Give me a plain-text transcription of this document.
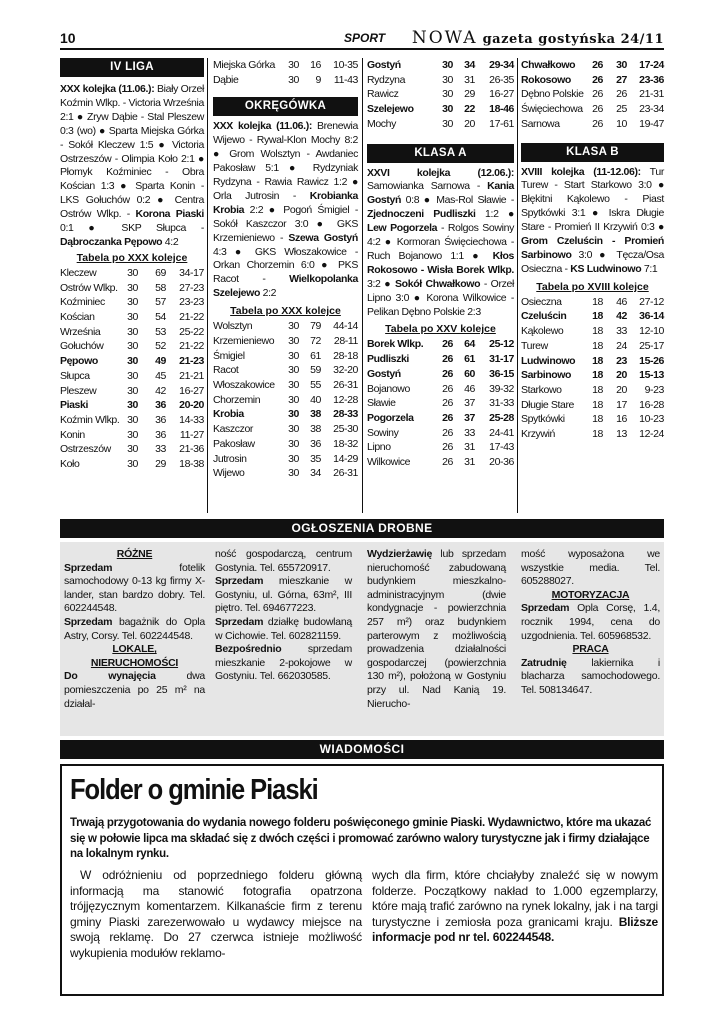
10	SPORT NOWA gazeta gostyńska 24/11
IV LIGA
XXX kolejka (11.06.): Biały Orzeł Koźmin Wlkp. - Victoria Września 2:1 ● Zryw Dąbie - Stal Pleszew 0:3 (wo) ● Sparta Miejska Górka - Sokół Kleczew 1:5 ● Victoria Ostrzeszów - Olimpia Koło 2:1 ● Płomyk Koźminiec - Obra Kościan 1:3 ● Sparta Konin - LKS Gołuchów 0:2 ● Centra Ostrów Wlkp. - Korona Piaski 0:1 ● SKP Słupca - Dąbroczanka Pępowo 4:2
Tabela po XXX kolejce
Kleczew	30	69	34-17
Ostrów Wlkp.	30	58	27-23
Koźminiec	30	57	23-23
Kościan	30	54	21-22
Września	30	53	25-22
Gołuchów	30	52	21-22
Pępowo	30	49	21-23
Słupca	30	45	21-21
Pleszew	30	42	16-27
Piaski	30	36	20-20
Koźmin Wlkp.	30	36	14-33
Konin	30	36	11-27
Ostrzeszów	30	33	21-36
Koło	30	29	18-38
Miejska Górka	30	16	10-35
Dąbie	30	9	11-43
OKRĘGÓWKA
XXX kolejka (11.06.): Brenewia Wijewo - Rywal-Klon Mochy 8:2 ● Grom Wolsztyn - Awdaniec Pakosław 5:1 ● Rydzyniak Rydzyna - Rawia Rawicz 1:2 ● Orla Jutrosin - Krobianka Krobia 2:2 ● Pogoń Śmigiel - Sokół Kaszczor 3:0 ● GKS Krzemieniewo - Szewa Gostyń 4:3 ● GKS Włoszakowice - Orkan Chorzemin 6:0 ● PKS Racot - Wielkopolanka Szelejewo 2:2
Tabela po XXX kolejce
Wolsztyn	30	79	44-14
Krzemieniewo	30	72	28-11
Śmigiel	30	61	28-18
Racot	30	59	32-20
Włoszakowice	30	55	26-31
Chorzemin	30	40	12-28
Krobia	30	38	28-33
Kaszczor	30	38	25-30
Pakosław	30	36	18-32
Jutrosin	30	35	14-29
Wijewo	30	34	26-31
Gostyń	30	34	29-34
Rydzyna	30	31	26-35
Rawicz	30	29	16-27
Szelejewo	30	22	18-46
Mochy	30	20	17-61
KLASA A
XXVI kolejka (12.06.): Samowianka Sarnowa - Kania Gostyń 0:8 ● Mas-Rol Sławie - Zjednoczeni Pudliszki 1:2 ● Lew Pogorzela - Rolgos Sowiny 4:2 ● Kormoran Święciechowa - Ruch Bojanowo 1:1 ● Kłos Rokosowo - Wisła Borek Wlkp. 3:2 ● Sokół Chwałkowo - Orzeł Lipno 3:0 ● Korona Wilkowice - Pelikan Dębno Polskie 2:3
Tabela po XXV kolejce
Borek Wlkp.	26	64	25-12
Pudliszki	26	61	31-17
Gostyń	26	60	36-15
Bojanowo	26	46	39-32
Sławie	26	37	31-33
Pogorzela	26	37	25-28
Sowiny	26	33	24-41
Lipno	26	31	17-43
Wilkowice	26	31	20-36
Chwałkowo	26	30	17-24
Rokosowo	26	27	23-36
Dębno Polskie	26	26	21-31
Święciechowa	26	25	23-34
Sarnowa	26	10	19-47
KLASA B
XVIII kolejka (11-12.06): Tur Turew - Start Starkowo 3:0 ● Błękitni Kąkolewo - Piast Spytkówki 3:1 ● Iskra Długie Stare - Promień II Krzywiń 0:3 ● Grom Czeluścin - Promień Sarbinowo 3:0 ● Tęcza/Osa Osieczna - KS Ludwinowo 7:1
Tabela po XVIII kolejce
Osieczna	18	46	27-12
Czeluścin	18	42	36-14
Kąkolewo	18	33	12-10
Turew	18	24	25-17
Ludwinowo	18	23	15-26
Sarbinowo	18	20	15-13
Starkowo	18	20	9-23
Długie Stare	18	17	16-28
Spytkówki	18	16	10-23
Krzywiń	18	13	12-24
OGŁOSZENIA DROBNE
RÓŻNE
Sprzedam fotelik samochodowy 0-13 kg firmy X-lander, stan bardzo dobry. Tel. 602244548.
Sprzedam bagażnik do Opla Astry, Corsy. Tel. 602244548.
LOKALE,
NIERUCHOMOŚCI
Do wynajęcia dwa pomieszczenia po 25 m² na działal-
ność gospodarczą, centrum Gostynia. Tel. 655720917.
Sprzedam mieszkanie w Gostyniu, ul. Górna, 63m², III piętro. Tel. 694677223.
Sprzedam działkę budowlaną w Cichowie. Tel. 602821159.
Bezpośrednio sprzedam mieszkanie 2-pokojowe w Gostyniu. Tel. 662030585.
Wydzierżawię lub sprzedam nieruchomość zabudowaną budynkiem mieszkalno-administracyjnym (dwie kondygnacje - powierzchnia 257 m²) oraz budynkiem parterowym z możliwością prowadzenia działalności gospodarczej (powierzchnia 130 m²), położoną w Gostyniu przy ul. Nad Kanią 19. Nierucho-
mość wyposażona we wszystkie media. Tel. 605288027.
MOTORYZACJA
Sprzedam Opla Corsę, 1.4, rocznik 1994, cena do uzgodnienia. Tel. 605968532.
PRACA
Zatrudnię lakiernika i blacharza samochodowego. Tel. 508134647.
WIADOMOŚCI
Folder o gminie Piaski
Trwają przygotowania do wydania nowego folderu poświęconego gminie Piaski. Wydawnictwo, które ma ukazać się w połowie lipca ma składać się z dwóch części i promować zarówno walory turystyczne jak i firmy działające na lokalnym rynku.

W odróżnieniu od poprzedniego folderu główną informacją ma stanowić fotografia opatrzona trójjęzycznym komentarzem. Kilkanaście firm z terenu gminy Piaski zarezerwowało u wydawcy miejsce na swoją reklamę. Do 27 czerwca istnieje możliwość wykupienia modułów reklamo-

wych dla firm, które chciałyby znaleźć się w nowym folderze. Początkowy nakład to 1.000 egzemplarzy, które mają trafić zarówno na rynek lokalny, jak i na targi turystyczne i zemiosła poza granicami kraju. Bliższe informacje pod nr tel. 602244548.
